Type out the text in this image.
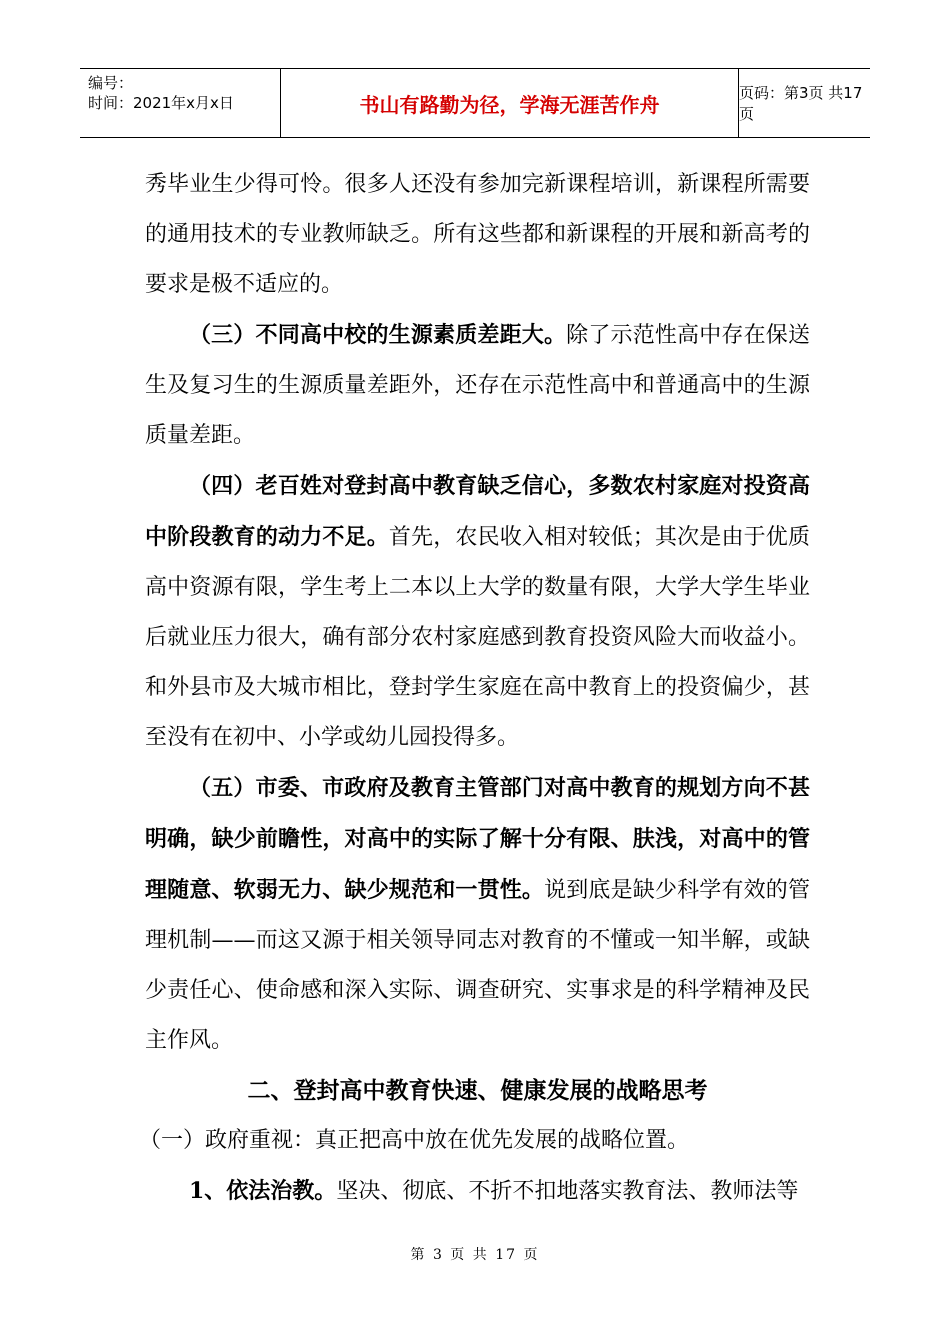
编号：
时间：2021年x月x日	书山有路勤为径，学海无涯苦作舟	页码：第3页 共17页

秀毕业生少得可怜。很多人还没有参加完新课程培训，新课程所需要的通用技术的专业教师缺乏。所有这些都和新课程的开展和新高考的要求是极不适应的。

（三）不同高中校的生源素质差距大。除了示范性高中存在保送生及复习生的生源质量差距外，还存在示范性高中和普通高中的生源质量差距。

（四）老百姓对登封高中教育缺乏信心，多数农村家庭对投资高中阶段教育的动力不足。首先，农民收入相对较低；其次是由于优质高中资源有限，学生考上二本以上大学的数量有限，大学大学生毕业后就业压力很大，确有部分农村家庭感到教育投资风险大而收益小。和外县市及大城市相比，登封学生家庭在高中教育上的投资偏少，甚至没有在初中、小学或幼儿园投得多。

（五）市委、市政府及教育主管部门对高中教育的规划方向不甚明确，缺少前瞻性，对高中的实际了解十分有限、肤浅，对高中的管理随意、软弱无力、缺少规范和一贯性。说到底是缺少科学有效的管理机制——而这又源于相关领导同志对教育的不懂或一知半解，或缺少责任心、使命感和深入实际、调查研究、实事求是的科学精神及民主作风。

二、登封高中教育快速、健康发展的战略思考

（一）政府重视：真正把高中放在优先发展的战略位置。

1、依法治教。坚决、彻底、不折不扣地落实教育法、教师法等

第 3 页 共 17 页
